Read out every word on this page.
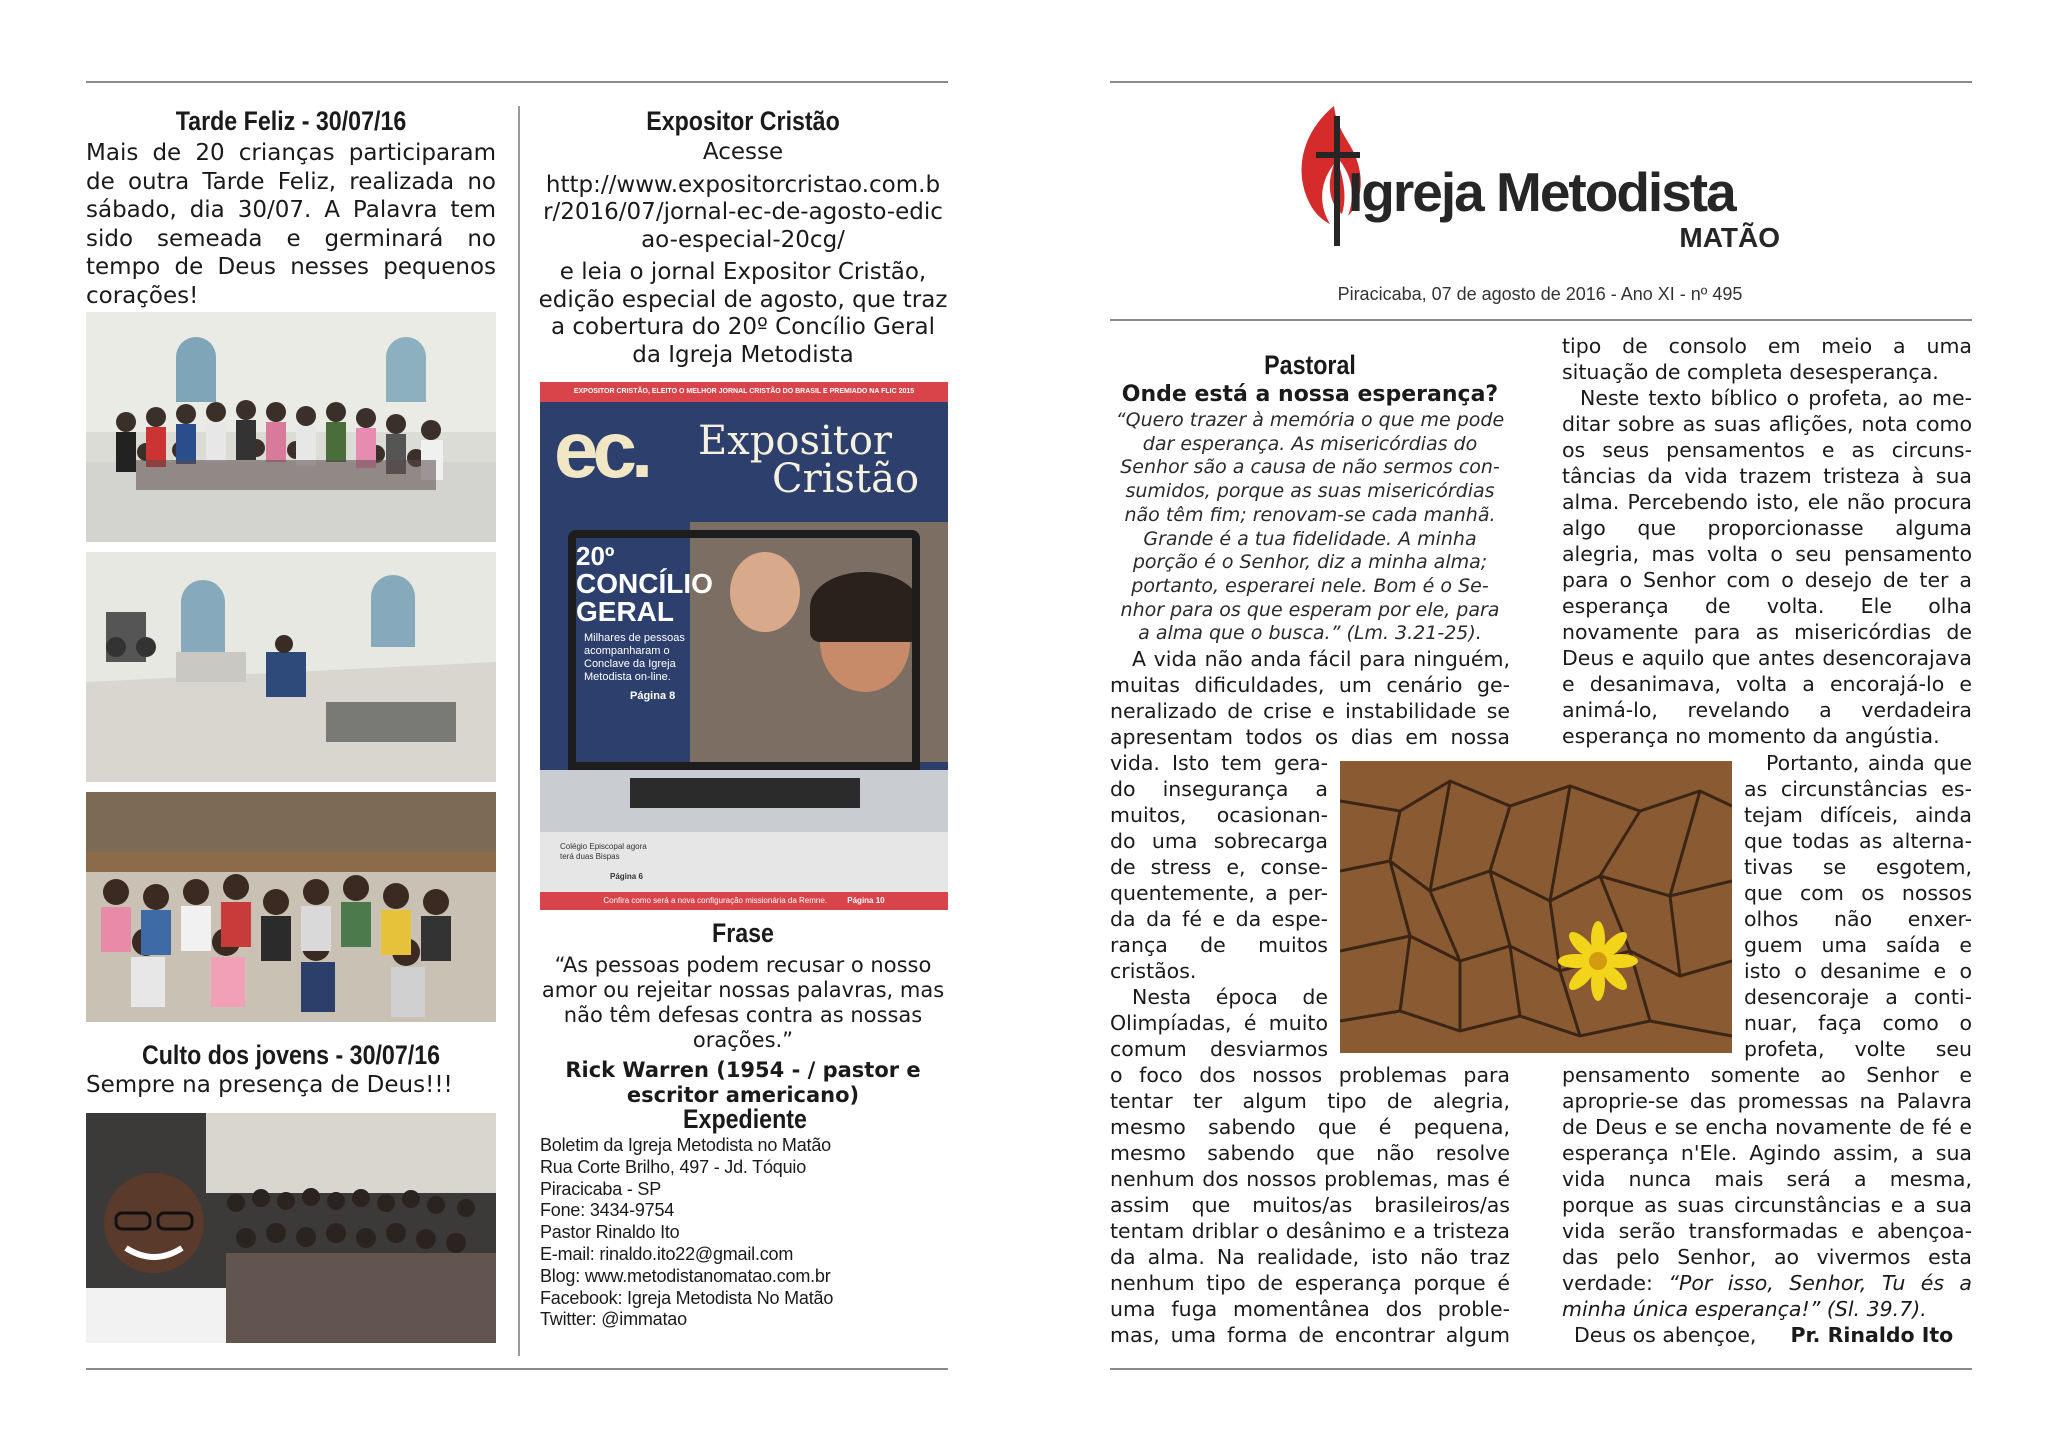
Tarde Feliz - 30/07/16

Mais de 20 crianças participaram de outra Tarde Feliz, realizada no sábado, dia 30/07. A Palavra tem sido semeada e germinará no tempo de Deus nesses pequenos corações!

Culto dos jovens - 30/07/16

Sempre na presença de Deus!!!

Expositor Cristão
Acesse
http://www.expositorcristao.com.br/2016/07/jornal-ec-de-agosto-edicao-especial-20cg/
e leia o jornal Expositor Cristão, edição especial de agosto, que traz a cobertura do 20º Concílio Geral da Igreja Metodista
EXPOSITOR CRISTÃO, ELEITO O MELHOR JORNAL CRISTÃO DO BRASIL E PREMIADO NA FLIC 2015
ec. Expositor
Cristão
20º
CONCÍLIO
GERAL
Milhares de pessoas acompanharam o Conclave da Igreja Metodista on-line.
Página 8
Colégio Episcopal agora terá duas Bispas
Página 6
Confira como será a nova configuração missionária da Remne.	Página 10
Frase
“As pessoas podem recusar o nosso amor ou rejeitar nossas palavras, mas não têm defesas contra as nossas orações.”
Rick Warren (1954 - / pastor e escritor americano)
Expediente
Boletim da Igreja Metodista no Matão
Rua Corte Brilho, 497 - Jd. Tóquio
Piracicaba - SP
Fone: 3434-9754
Pastor Rinaldo Ito
E-mail: rinaldo.ito22@gmail.com
Blog: www.metodistanomatao.com.br
Facebook: Igreja Metodista No Matão
Twitter: @immatao
Igreja Metodista
MATÃO
Piracicaba, 07 de agosto de 2016 - Ano XI - nº 495
Pastoral
Onde está a nossa esperança?
“Quero trazer à memória o que me pode
dar esperança. As misericórdias do
Senhor são a causa de não sermos con-
sumidos, porque as suas misericórdias
não têm fim; renovam-se cada manhã.
Grande é a tua fidelidade. A minha
porção é o Senhor, diz a minha alma;
portanto, esperarei nele. Bom é o Se-
nhor para os que esperam por ele, para
a alma que o busca.” (Lm. 3.21-25).
A vida não anda fácil para ninguém,
muitas dificuldades, um cenário ge-
neralizado de crise e instabilidade se
apresentam todos os dias em nossa
vida. Isto tem gera-
do insegurança a
muitos, ocasionan-
do uma sobrecarga
de stress e, conse-
quentemente, a per-
da da fé e da espe-
rança de muitos
cristãos.
Nesta época de
Olimpíadas, é muito
comum desviarmos
o foco dos nossos problemas para
tentar ter algum tipo de alegria,
mesmo sabendo que é pequena,
mesmo sabendo que não resolve
nenhum dos nossos problemas, mas é
assim que muitos/as brasileiros/as
tentam driblar o desânimo e a tristeza
da alma. Na realidade, isto não traz
nenhum tipo de esperança porque é
uma fuga momentânea dos proble-
mas, uma forma de encontrar algum
tipo de consolo em meio a uma
situação de completa desesperança.
Neste texto bíblico o profeta, ao me-
ditar sobre as suas aflições, nota como
os seus pensamentos e as circuns-
tâncias da vida trazem tristeza à sua
alma. Percebendo isto, ele não procura
algo que proporcionasse alguma
alegria, mas volta o seu pensamento
para o Senhor com o desejo de ter a
esperança de volta. Ele olha
novamente para as misericórdias de
Deus e aquilo que antes desencorajava
e desanimava, volta a encorajá-lo e
animá-lo, revelando a verdadeira
esperança no momento da angústia.
Portanto, ainda que
as circunstâncias es-
tejam difíceis, ainda
que todas as alterna-
tivas se esgotem,
que com os nossos
olhos não enxer-
guem uma saída e
isto o desanime e o
desencoraje a conti-
nuar, faça como o
profeta, volte seu
pensamento somente ao Senhor e
aproprie-se das promessas na Palavra
de Deus e se encha novamente de fé e
esperança n'Ele. Agindo assim, a sua
vida nunca mais será a mesma,
porque as suas circunstâncias e a sua
vida serão transformadas e abençoa-
das pelo Senhor, ao vivermos esta
verdade: “Por isso, Senhor, Tu és a
minha única esperança!” (Sl. 39.7).
Deus os abençoe, Pr. Rinaldo Ito
